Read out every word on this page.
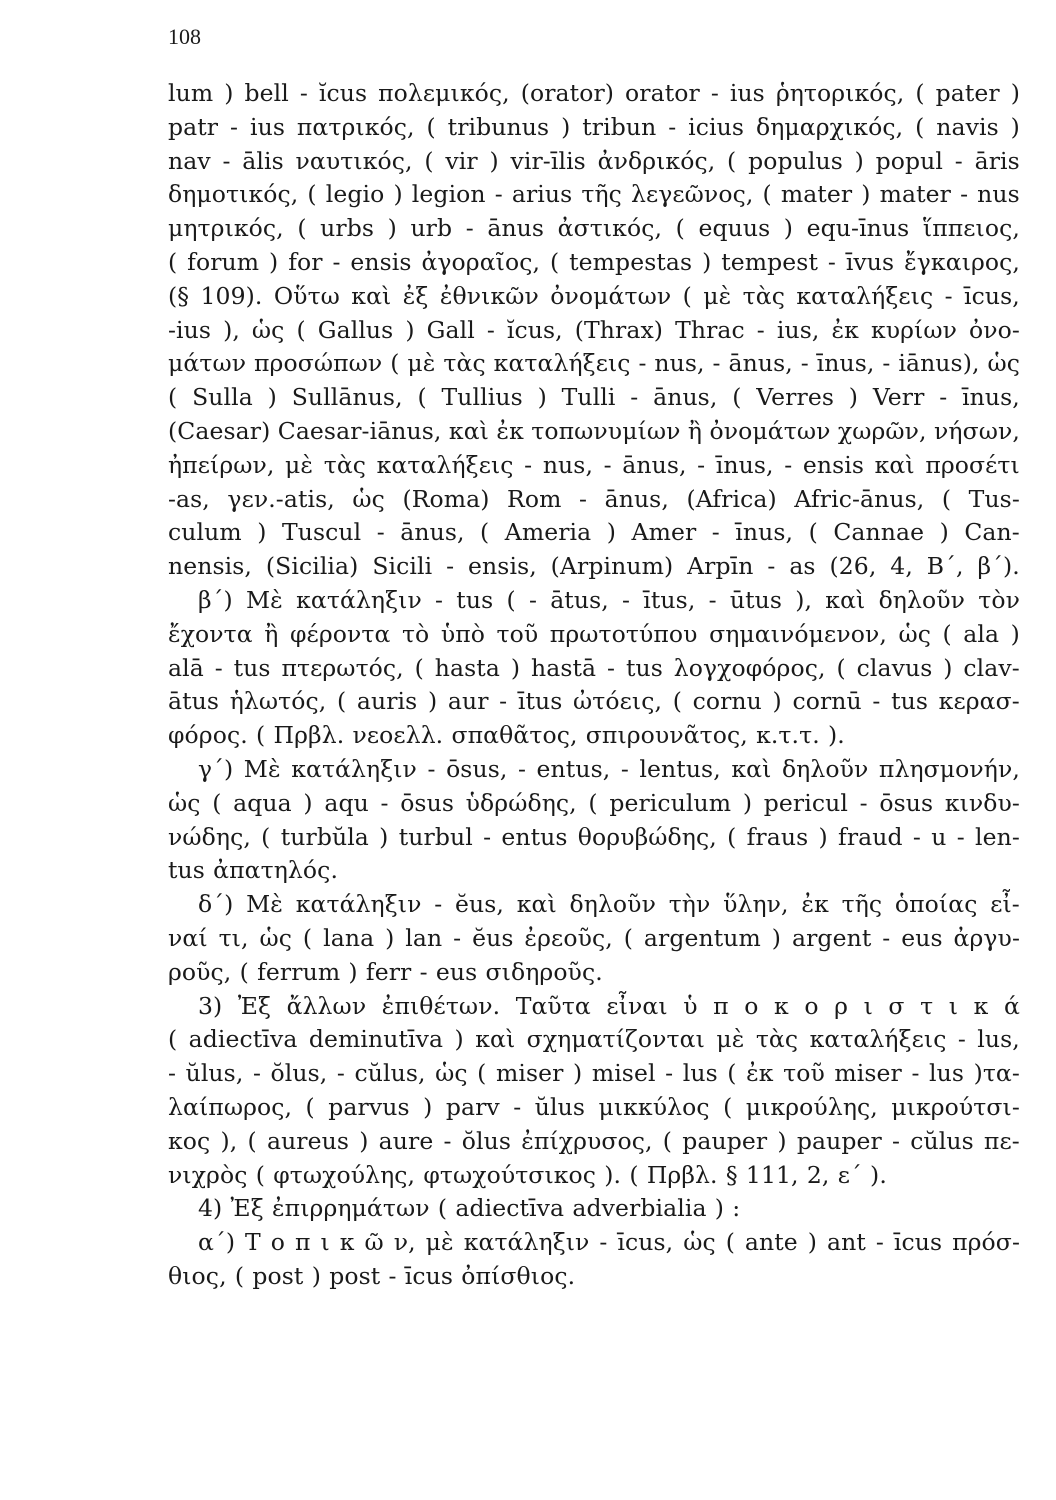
108
lum ) bell - ĭcus πολεμικός, (orator) orator - ius ῥητορικός, ( pater )
patr - ius πατρικός, ( tribunus ) tribun - icius δημαρχικός, ( navis )
nav - ālis ναυτικός, ( vir ) vir-īlis ἀνδρικός, ( populus ) popul - āris
δημοτικός, ( legio ) legion - arius τῆς λεγεῶνος, ( mater ) mater - nus
μητρικός, ( urbs ) urb - ānus ἀστικός, ( equus ) equ-īnus ἵππειος,
( forum ) for - ensis ἀγοραῖος, ( tempestas ) tempest - īvus ἔγκαιρος,
(§ 109). Οὕτω καὶ ἐξ ἐθνικῶν ὀνομάτων ( μὲ τὰς καταλήξεις - īcus,
-ius ), ὡς ( Gallus ) Gall - ĭcus, (Thrax) Thrac - ius, ἐκ κυρίων ὀνο-
μάτων προσώπων ( μὲ τὰς καταλήξεις - nus, - ānus, - īnus, - iānus), ὡς
( Sulla ) Sullānus, ( Tullius ) Tulli - ānus, ( Verres ) Verr - īnus,
(Caesar) Caesar-iānus, καὶ ἐκ τοπωνυμίων ἢ ὀνομάτων χωρῶν, νήσων,
ἠπείρων, μὲ τὰς καταλήξεις - nus, - ānus, - īnus, - ensis καὶ προσέτι
-as, γεν.-atis, ὡς (Roma) Rom - ānus, (Africa) Afric-ānus, ( Tus-
culum ) Tuscul - ānus, ( Ameria ) Amer - īnus, ( Cannae ) Can-
nensis, (Sicilia) Sicili - ensis, (Arpinum) Arpīn - as (26, 4, Β΄, β΄).
β΄) Μὲ κατάληξιν - tus ( - ātus, - ītus, - ūtus ), καὶ δηλοῦν τὸν
ἔχοντα ἢ φέροντα τὸ ὑπὸ τοῦ πρωτοτύπου σημαινόμενον, ὡς ( ala )
alā - tus πτερωτός, ( hasta ) hastā - tus λογχοφόρος, ( clavus ) clav-
ātus ἡλωτός, ( auris ) aur - ītus ὠτόεις, ( cornu ) cornū - tus κερασ-
φόρος. ( Πρβλ. νεοελλ. σπαθᾶτος, σπιρουνᾶτος, κ.τ.τ. ).
γ΄) Μὲ κατάληξιν - ōsus, - entus, - lentus, καὶ δηλοῦν πλησμονήν,
ὡς ( aqua ) aqu - ōsus ὑδρώδης, ( periculum ) pericul - ōsus κινδυ-
νώδης, ( turbŭla ) turbul - entus θορυβώδης, ( fraus ) fraud - u - len-
tus ἀπατηλός.
δ΄) Μὲ κατάληξιν - ĕus, καὶ δηλοῦν τὴν ὕλην, ἐκ τῆς ὁποίας εἶ-
ναί τι, ὡς ( lana ) lan - ĕus ἐρεοῦς, ( argentum ) argent - eus ἀργυ-
ροῦς, ( ferrum ) ferr - eus σιδηροῦς.
3) Ἐξ ἄλλων ἐπιθέτων. Ταῦτα εἶναι ὑ π ο κ ο ρ ι σ τ ι κ ά
( adiectīva deminutīva ) καὶ σχηματίζονται μὲ τὰς καταλήξεις - lus,
- ŭlus, - ŏlus, - cŭlus, ὡς ( miser ) misel - lus ( ἐκ τοῦ miser - lus )τα-
λαίπωρος, ( parvus ) parv - ŭlus μικκύλος ( μικρούλης, μικρούτσι-
κος ), ( aureus ) aure - ŏlus ἐπίχρυσος, ( pauper ) pauper - cŭlus πε-
νιχρὸς ( φτωχούλης, φτωχούτσικος ). ( Πρβλ. § 111, 2, ε΄ ).
4) Ἐξ ἐπιρρημάτων ( adiectīva adverbialia ) :
α΄) Τ ο π ι κ ῶ ν, μὲ κατάληξιν - īcus, ὡς ( ante ) ant - īcus πρόσ-
θιος, ( post ) post - īcus ὀπίσθιος.
